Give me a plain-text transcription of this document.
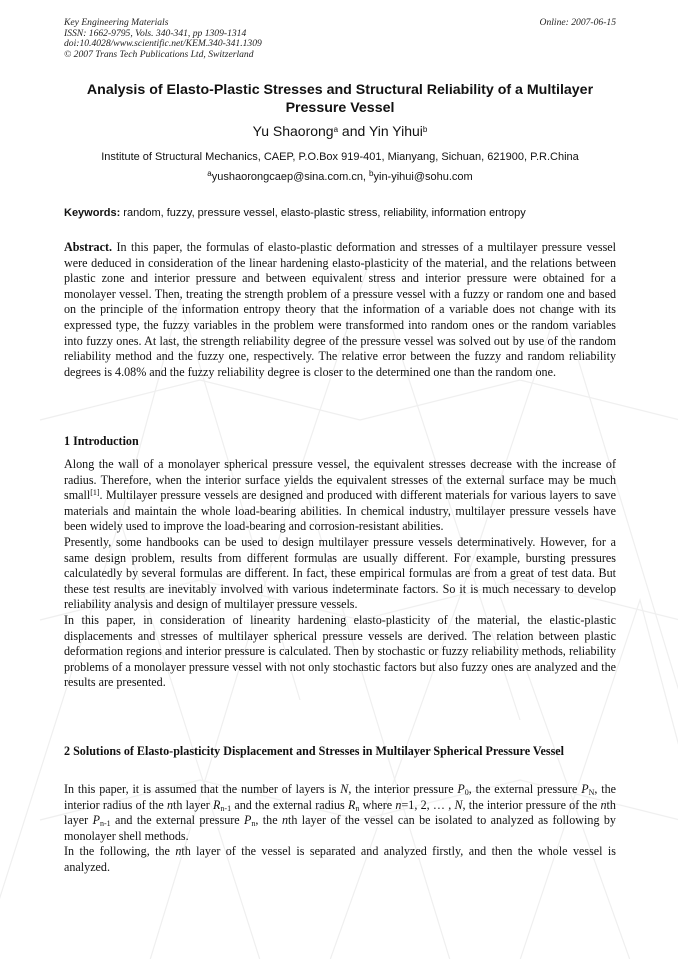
Key Engineering Materials
ISSN: 1662-9795, Vols. 340-341, pp 1309-1314
doi:10.4028/www.scientific.net/KEM.340-341.1309
© 2007 Trans Tech Publications Ltd, Switzerland
Online: 2007-06-15
Analysis of Elasto-Plastic Stresses and Structural Reliability of a Multilayer Pressure Vessel
Yu Shaorong$^a$ and Yin Yihui$^b$
Institute of Structural Mechanics, CAEP, P.O.Box 919-401, Mianyang, Sichuan, 621900, P.R.China
$^a$yushaorongcaep@sina.com.cn, $^b$yin-yihui@sohu.com
Keywords: random, fuzzy, pressure vessel, elasto-plastic stress, reliability, information entropy

Abstract. In this paper, the formulas of elasto-plastic deformation and stresses of a multilayer pressure vessel were deduced in consideration of the linear hardening elasto-plasticity of the material, and the relations between plastic zone and interior pressure and between equivalent stress and interior pressure were obtained for a monolayer vessel. Then, treating the strength problem of a pressure vessel with a fuzzy or random one and based on the principle of the information entropy theory that the information of a variable does not change with its expressed type, the fuzzy variables in the problem were transformed into random ones or the random variables into fuzzy ones. At last, the strength reliability degree of the pressure vessel was solved out by use of the random reliability method and the fuzzy one, respectively. The relative error between the fuzzy and random reliability degrees is 4.08% and the fuzzy reliability degree is closer to the determined one than the random one.

1 Introduction

Along the wall of a monolayer spherical pressure vessel, the equivalent stresses decrease with the increase of radius. Therefore, when the interior surface yields the equivalent stresses of the external surface may be much small[1]. Multilayer pressure vessels are designed and produced with different materials for various layers to save materials and maintain the whole load-bearing abilities. In chemical industry, multilayer pressure vessels have been widely used to improve the load-bearing and corrosion-resistant abilities.

Presently, some handbooks can be used to design multilayer pressure vessels determinatively. However, for a same design problem, results from different formulas are usually different. For example, bursting pressures calculatedly by several formulas are different. In fact, these empirical formulas are from a great of test data. But these test results are inevitably involved with various indeterminate factors. So it is much necessary to develop reliability analysis and design of multilayer pressure vessels.

In this paper, in consideration of linearity hardening elasto-plasticity of the material, the elastic-plastic displacements and stresses of multilayer spherical pressure vessels are derived. The relation between plastic deformation regions and interior pressure is calculated. Then by stochastic or fuzzy reliability methods, reliability problems of a monolayer pressure vessel with not only stochastic factors but also fuzzy ones are analyzed and the results are presented.

2 Solutions of Elasto-plasticity Displacement and Stresses in Multilayer Spherical Pressure Vessel

In this paper, it is assumed that the number of layers is N, the interior pressure $P_0$, the external pressure $P_N$, the interior radius of the nth layer $R_{n-1}$ and the external radius $R_n$ where n=1, 2, … , N, the interior pressure of the nth layer $P_{n-1}$ and the external pressure $P_n$, the nth layer of the vessel can be isolated to analyzed as following by monolayer shell methods.

In the following, the nth layer of the vessel is separated and analyzed firstly, and then the whole vessel is analyzed.
